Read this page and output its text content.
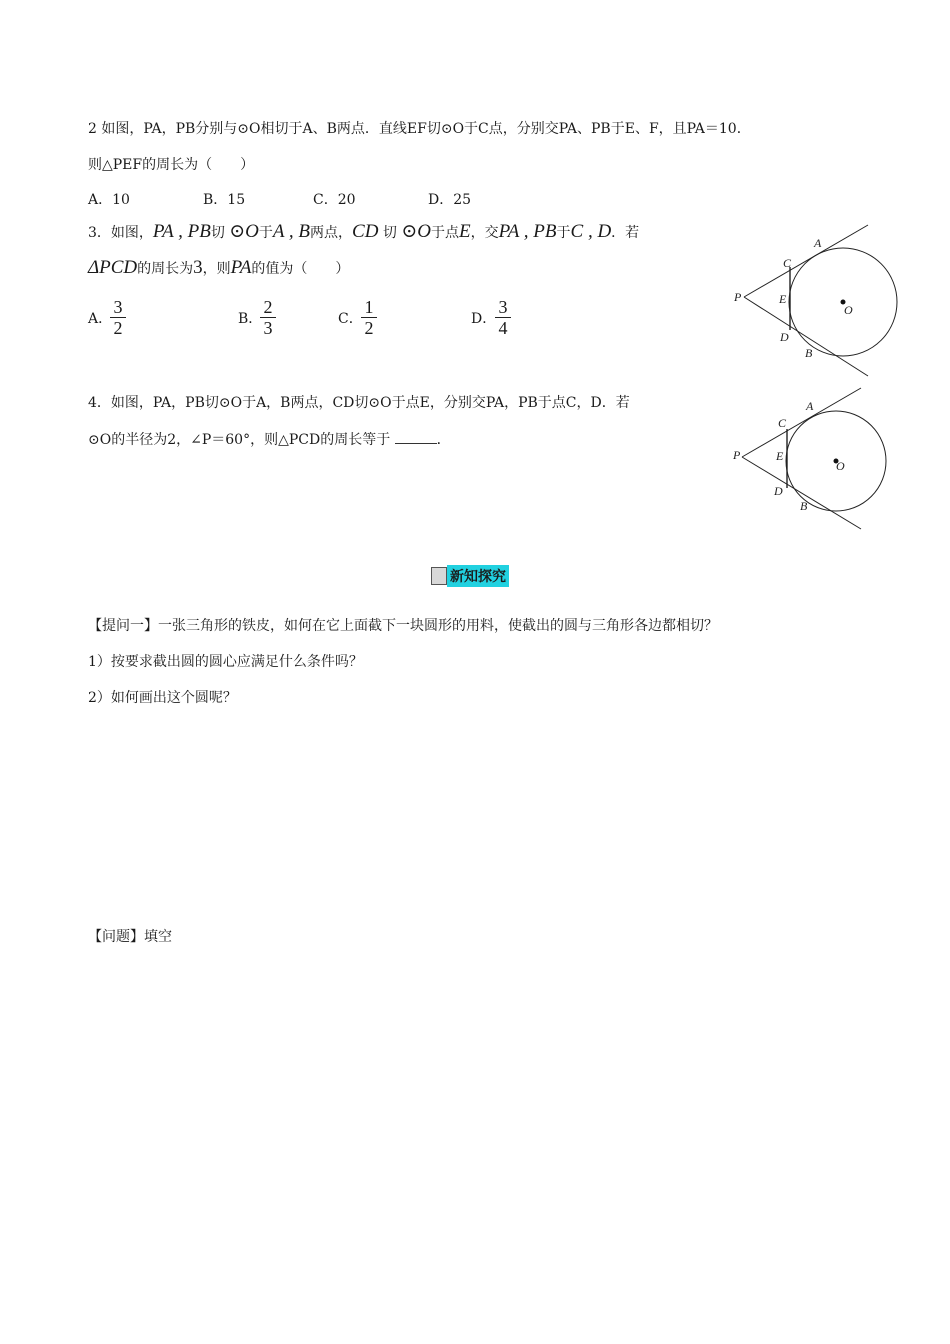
2 如图，PA，PB分别与⊙O相切于A、B两点．直线EF切⊙O于C点，分别交PA、PB于E、F，且PA＝10．
则△PEF的周长为（　　）
A．10	B．15	C．20	D．25
3．如图，PA , PB切 ⊙O于A , B两点，CD 切 ⊙O于点E，交PA , PB于C , D．若
ΔPCD的周长为3，则PA的值为（　　）
A．
3
2	B．
2
3	C．
1
2	D．
3
4
A
C
P	E
O
D
B
4．如图，PA，PB切⊙O于A，B两点，CD切⊙O于点E，分别交PA，PB于点C，D．若
⊙O的半径为2，∠P＝60°，则△PCD的周长等于	．
A
C
P	E
O
D
B
新知探究
【提问一】一张三角形的铁皮，如何在它上面截下一块圆形的用料，使截出的圆与三角形各边都相切？
1）按要求截出圆的圆心应满足什么条件吗？
2）如何画出这个圆呢？
【问题】填空
